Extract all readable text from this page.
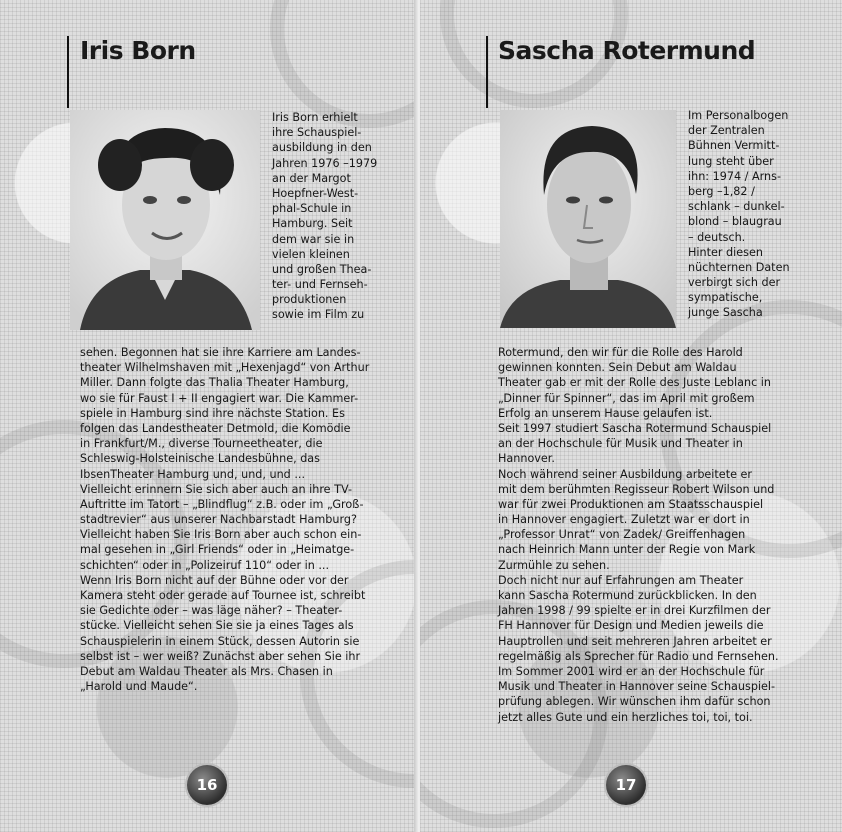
Iris Born
Iris Born erhielt
ihre Schauspiel-
ausbildung in den
Jahren 1976 –1979
an der Margot
Hoepfner-West-
phal-Schule in
Hamburg. Seit
dem war sie in
vielen kleinen
und großen Thea-
ter- und Fernseh-
produktionen
sowie im Film zu
sehen. Begonnen hat sie ihre Karriere am Landes-
theater Wilhelmshaven mit „Hexenjagd“ von Arthur
Miller. Dann folgte das Thalia Theater Hamburg,
wo sie für Faust I + II engagiert war. Die Kammer-
spiele in Hamburg sind ihre nächste Station. Es
folgen das Landestheater Detmold, die Komödie
in Frankfurt/M., diverse Tourneetheater, die
Schleswig-Holsteinische Landesbühne, das
IbsenTheater Hamburg und, und, und ...
Vielleicht erinnern Sie sich aber auch an ihre TV-
Auftritte im Tatort – „Blindflug“ z.B. oder im „Groß-
stadtrevier“ aus unserer Nachbarstadt Hamburg?
Vielleicht haben Sie Iris Born aber auch schon ein-
mal gesehen in „Girl Friends“ oder in „Heimatge-
schichten“ oder in „Polizeiruf 110“ oder in ...
Wenn Iris Born nicht auf der Bühne oder vor der
Kamera steht oder gerade auf Tournee ist, schreibt
sie Gedichte oder – was läge näher? – Theater-
stücke. Vielleicht sehen Sie sie ja eines Tages als
Schauspielerin in einem Stück, dessen Autorin sie
selbst ist – wer weiß? Zunächst aber sehen Sie ihr
Debut am Waldau Theater als Mrs. Chasen in
„Harold und Maude“.
16
Sascha Rotermund
Im Personalbogen
der Zentralen
Bühnen Vermitt-
lung steht über
ihn: 1974 / Arns-
berg –1,82 /
schlank – dunkel-
blond – blaugrau
– deutsch.
Hinter diesen
nüchternen Daten
verbirgt sich der
sympatische,
junge Sascha
Rotermund, den wir für die Rolle des Harold
gewinnen konnten. Sein Debut am Waldau
Theater gab er mit der Rolle des Juste Leblanc in
„Dinner für Spinner“, das im April mit großem
Erfolg an unserem Hause gelaufen ist.
Seit 1997 studiert Sascha Rotermund Schauspiel
an der Hochschule für Musik und Theater in
Hannover.
Noch während seiner Ausbildung arbeitete er
mit dem berühmten Regisseur Robert Wilson und
war für zwei Produktionen am Staatsschauspiel
in Hannover engagiert. Zuletzt war er dort in
„Professor Unrat“ von Zadek/ Greiffenhagen
nach Heinrich Mann unter der Regie von Mark
Zurmühle zu sehen.
Doch nicht nur auf Erfahrungen am Theater
kann Sascha Rotermund zurückblicken. In den
Jahren 1998 / 99 spielte er in drei Kurzfilmen der
FH Hannover für Design und Medien jeweils die
Hauptrollen und seit mehreren Jahren arbeitet er
regelmäßig als Sprecher für Radio und Fernsehen.
Im Sommer 2001 wird er an der Hochschule für
Musik und Theater in Hannover seine Schauspiel-
prüfung ablegen. Wir wünschen ihm dafür schon
jetzt alles Gute und ein herzliches toi, toi, toi.
17
